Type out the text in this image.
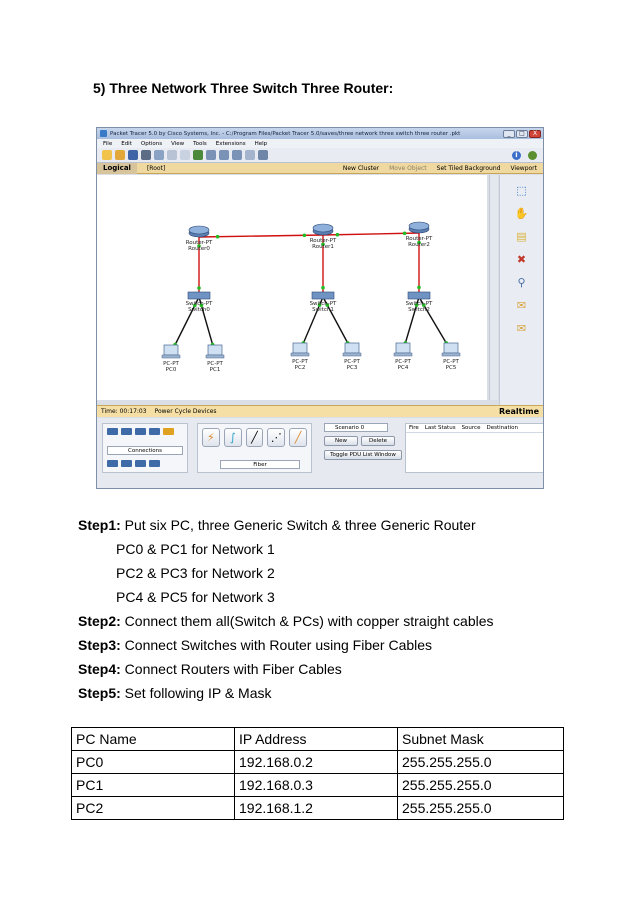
5) Three Network Three Switch Three Router:
Packet Tracer 5.0 by Cisco Systems, Inc. - C:/Program Files/Packet Tracer 5.0/saves/three network three switch three router .pkt	_	□	X
File Edit Options View Tools Extensions Help
i
Logical	[Root]	New Cluster Move Object Set Tiled Background Viewport
Router-PT
Router0
Router-PT
Router1
Router-PT
Router2
Switch-PT
Switch0
Switch-PT
Switch1
Switch-PT
Switch2
PC-PT
PC0
PC-PT
PC1
PC-PT
PC2
PC-PT
PC3
PC-PT
PC4
PC-PT
PC5
⬚
✋
▤
✖
⚲
✉
✉
Time: 00:17:03 Power Cycle Devices	Realtime
Connections
⚡	∫	╱	⋰	╱
Fiber
Scenario 0
New	Delete
Toggle PDU List Window
Fire Last Status Source Destination
Step1: Put six PC, three Generic Switch & three Generic Router
PC0 & PC1 for Network 1
PC2 & PC3 for Network 2
PC4 & PC5 for Network 3
Step2: Connect them all(Switch & PCs) with copper straight cables
Step3: Connect Switches with Router using Fiber Cables
Step4: Connect Routers with Fiber Cables
Step5: Set following IP & Mask
PC Name	IP Address	Subnet Mask
PC0	192.168.0.2	255.255.255.0
PC1	192.168.0.3	255.255.255.0
PC2	192.168.1.2	255.255.255.0
